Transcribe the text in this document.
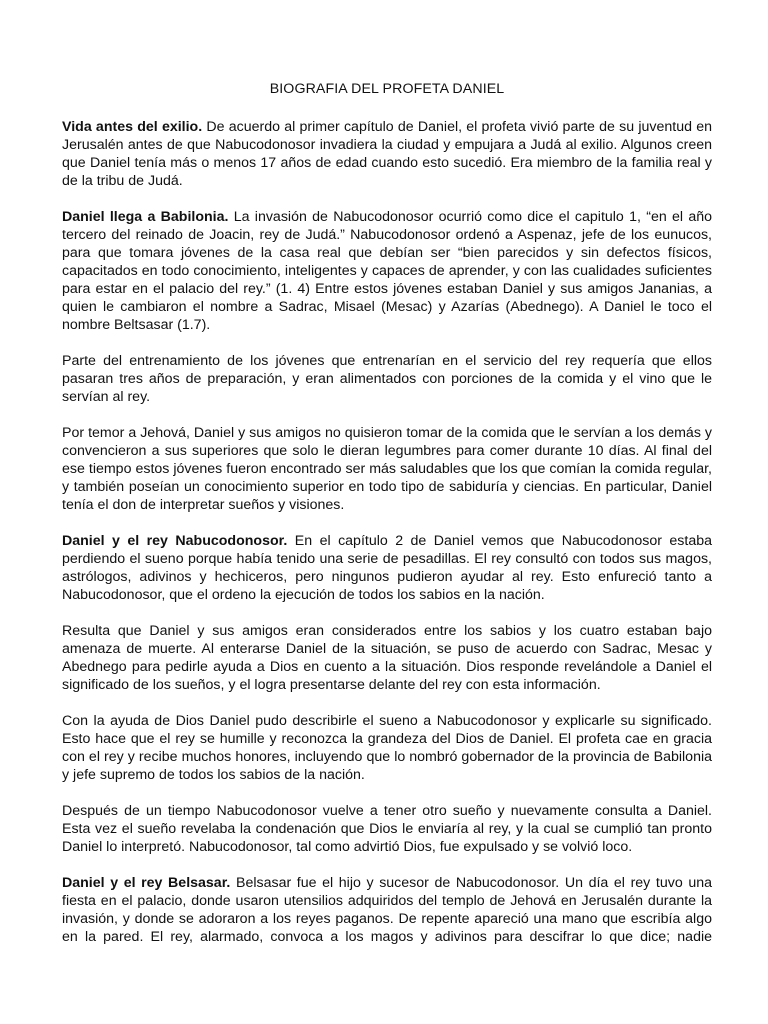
BIOGRAFIA DEL PROFETA DANIEL

Vida antes del exilio. De acuerdo al primer capítulo de Daniel, el profeta vivió parte de su juventud en Jerusalén antes de que Nabucodonosor invadiera la ciudad y empujara a Judá al exilio. Algunos creen que Daniel tenía más o menos 17 años de edad cuando esto sucedió. Era miembro de la familia real y de la tribu de Judá.

Daniel llega a Babilonia. La invasión de Nabucodonosor ocurrió como dice el capitulo 1, “en el año tercero del reinado de Joacin, rey de Judá.” Nabucodonosor ordenó a Aspenaz, jefe de los eunucos, para que tomara jóvenes de la casa real que debían ser “bien parecidos y sin defectos físicos, capacitados en todo conocimiento, inteligentes y capaces de aprender, y con las cualidades suficientes para estar en el palacio del rey.” (1. 4) Entre estos jóvenes estaban Daniel y sus amigos Jananias, a quien le cambiaron el nombre a Sadrac, Misael (Mesac) y Azarías (Abednego). A Daniel le toco el nombre Beltsasar (1.7).

Parte del entrenamiento de los jóvenes que entrenarían en el servicio del rey requería que ellos pasaran tres años de preparación, y eran alimentados con porciones de la comida y el vino que le servían al rey.

Por temor a Jehová, Daniel y sus amigos no quisieron tomar de la comida que le servían a los demás y convencieron a sus superiores que solo le dieran legumbres para comer durante 10 días. Al final del ese tiempo estos jóvenes fueron encontrado ser más saludables que los que comían la comida regular, y también poseían un conocimiento superior en todo tipo de sabiduría y ciencias. En particular, Daniel tenía el don de interpretar sueños y visiones.

Daniel y el rey Nabucodonosor. En el capítulo 2 de Daniel vemos que Nabucodonosor estaba perdiendo el sueno porque había tenido una serie de pesadillas. El rey consultó con todos sus magos, astrólogos, adivinos y hechiceros, pero ningunos pudieron ayudar al rey. Esto enfureció tanto a Nabucodonosor, que el ordeno la ejecución de todos los sabios en la nación.

Resulta que Daniel y sus amigos eran considerados entre los sabios y los cuatro estaban bajo amenaza de muerte. Al enterarse Daniel de la situación, se puso de acuerdo con Sadrac, Mesac y Abednego para pedirle ayuda a Dios en cuento a la situación. Dios responde revelándole a Daniel el significado de los sueños, y el logra presentarse delante del rey con esta información.

Con la ayuda de Dios Daniel pudo describirle el sueno a Nabucodonosor y explicarle su significado. Esto hace que el rey se humille y reconozca la grandeza del Dios de Daniel. El profeta cae en gracia con el rey y recibe muchos honores, incluyendo que lo nombró gobernador de la provincia de Babilonia y jefe supremo de todos los sabios de la nación.

Después de un tiempo Nabucodonosor vuelve a tener otro sueño y nuevamente consulta a Daniel. Esta vez el sueño revelaba la condenación que Dios le enviaría al rey, y la cual se cumplió tan pronto Daniel lo interpretó. Nabucodonosor, tal como advirtió Dios, fue expulsado y se volvió loco.

Daniel y el rey Belsasar. Belsasar fue el hijo y sucesor de Nabucodonosor. Un día el rey tuvo una fiesta en el palacio, donde usaron utensilios adquiridos del templo de Jehová en Jerusalén durante la invasión, y donde se adoraron a los reyes paganos. De repente apareció una mano que escribía algo en la pared. El rey, alarmado, convoca a los magos y adivinos para descifrar lo que dice; nadie
